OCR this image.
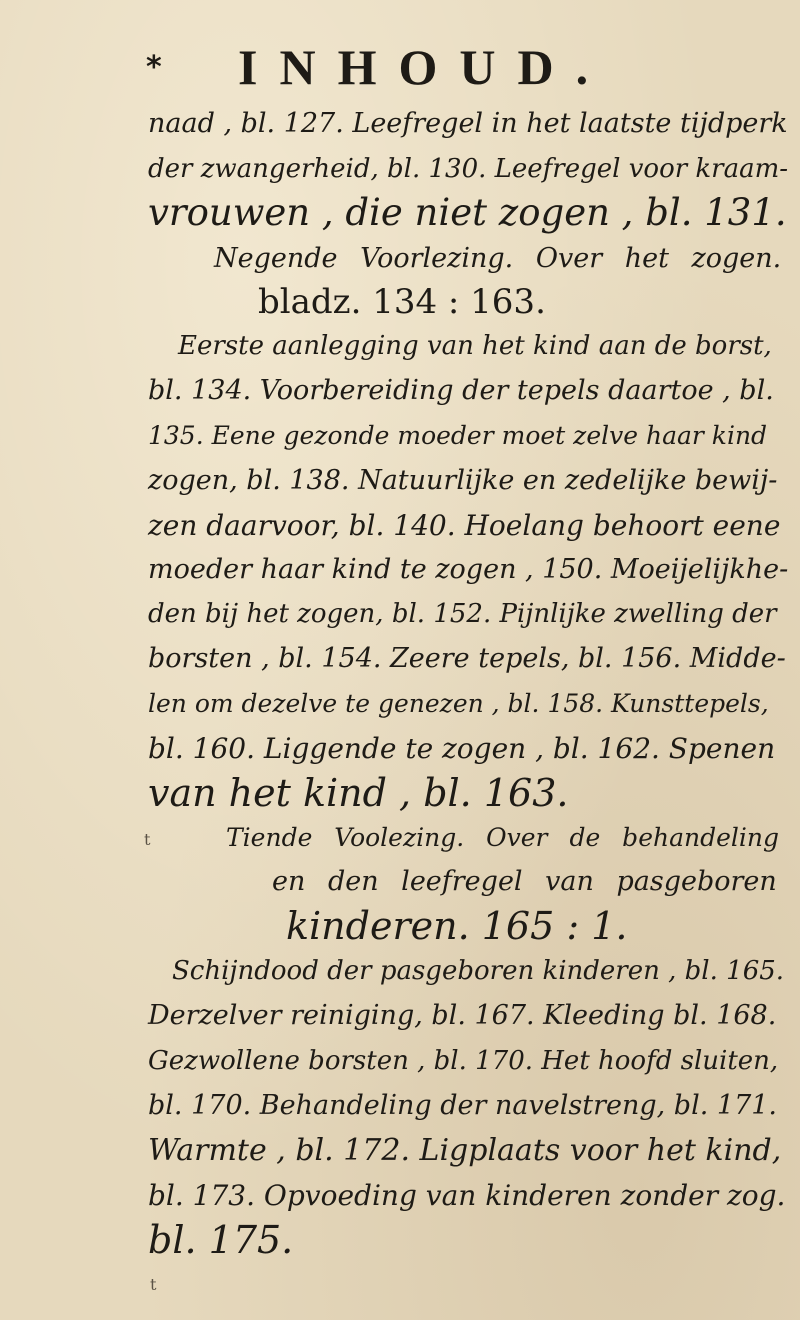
* INHOUD.
naad , bl. 127. Leefregel in het laatste tijdperk
der zwangerheid, bl. 130. Leefregel voor kraam-
vrouwen , die niet zogen , bl. 131.
Negende Voorlezing. Over het zogen.
bladz. 134 : 163.
Eerste aanlegging van het kind aan de borst,
bl. 134. Voorbereiding der tepels daartoe , bl.
135. Eene gezonde moeder moet zelve haar kind
zogen, bl. 138. Natuurlijke en zedelijke bewij-
zen daarvoor, bl. 140. Hoelang behoort eene
moeder haar kind te zogen , 150. Moeijelijkhe-
den bij het zogen, bl. 152. Pijnlijke zwelling der
borsten , bl. 154. Zeere tepels, bl. 156. Midde-
len om dezelve te genezen , bl. 158. Kunsttepels,
bl. 160. Liggende te zogen , bl. 162. Spenen
van het kind , bl. 163.
Tiende Voolezing. Over de behandeling
en den leefregel van pasgeboren
kinderen. 165 : 1.
Schijndood der pasgeboren kinderen , bl. 165.
Derzelver reiniging, bl. 167. Kleeding bl. 168.
Gezwollene borsten , bl. 170. Het hoofd sluiten,
bl. 170. Behandeling der navelstreng, bl. 171.
Warmte , bl. 172. Ligplaats voor het kind,
bl. 173. Opvoeding van kinderen zonder zog.
bl. 175.
t
t
